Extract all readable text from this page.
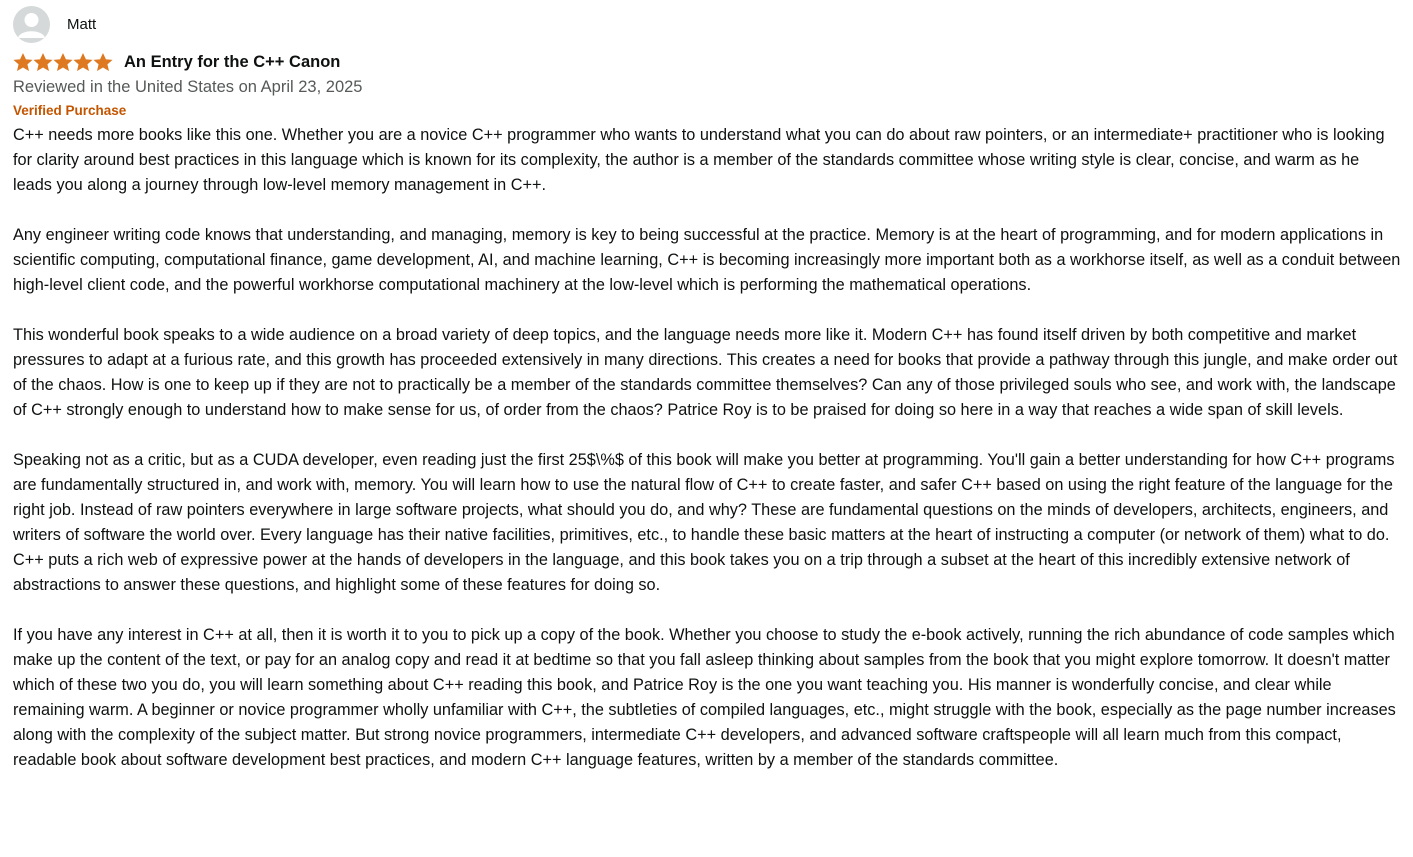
Matt
An Entry for the C++ Canon
Reviewed in the United States on April 23, 2025
Verified Purchase

C++ needs more books like this one. Whether you are a novice C++ programmer who wants to understand what you can do about raw pointers, or an intermediate+ practitioner who is looking for clarity around best practices in this language which is known for its complexity, the author is a member of the standards committee whose writing style is clear, concise, and warm as he leads you along a journey through low-level memory management in C++.

Any engineer writing code knows that understanding, and managing, memory is key to being successful at the practice. Memory is at the heart of programming, and for modern applications in scientific computing, computational finance, game development, AI, and machine learning, C++ is becoming increasingly more important both as a workhorse itself, as well as a conduit between high-level client code, and the powerful workhorse computational machinery at the low-level which is performing the mathematical operations.

This wonderful book speaks to a wide audience on a broad variety of deep topics, and the language needs more like it. Modern C++ has found itself driven by both competitive and market pressures to adapt at a furious rate, and this growth has proceeded extensively in many directions. This creates a need for books that provide a pathway through this jungle, and make order out of the chaos. How is one to keep up if they are not to practically be a member of the standards committee themselves? Can any of those privileged souls who see, and work with, the landscape of C++ strongly enough to understand how to make sense for us, of order from the chaos? Patrice Roy is to be praised for doing so here in a way that reaches a wide span of skill levels.

Speaking not as a critic, but as a CUDA developer, even reading just the first 25$\%$ of this book will make you better at programming. You'll gain a better understanding for how C++ programs are fundamentally structured in, and work with, memory. You will learn how to use the natural flow of C++ to create faster, and safer C++ based on using the right feature of the language for the right job. Instead of raw pointers everywhere in large software projects, what should you do, and why? These are fundamental questions on the minds of developers, architects, engineers, and writers of software the world over. Every language has their native facilities, primitives, etc., to handle these basic matters at the heart of instructing a computer (or network of them) what to do. C++ puts a rich web of expressive power at the hands of developers in the language, and this book takes you on a trip through a subset at the heart of this incredibly extensive network of abstractions to answer these questions, and highlight some of these features for doing so.

If you have any interest in C++ at all, then it is worth it to you to pick up a copy of the book. Whether you choose to study the e-book actively, running the rich abundance of code samples which make up the content of the text, or pay for an analog copy and read it at bedtime so that you fall asleep thinking about samples from the book that you might explore tomorrow. It doesn't matter which of these two you do, you will learn something about C++ reading this book, and Patrice Roy is the one you want teaching you. His manner is wonderfully concise, and clear while remaining warm. A beginner or novice programmer wholly unfamiliar with C++, the subtleties of compiled languages, etc., might struggle with the book, especially as the page number increases along with the complexity of the subject matter. But strong novice programmers, intermediate C++ developers, and advanced software craftspeople will all learn much from this compact, readable book about software development best practices, and modern C++ language features, written by a member of the standards committee.
